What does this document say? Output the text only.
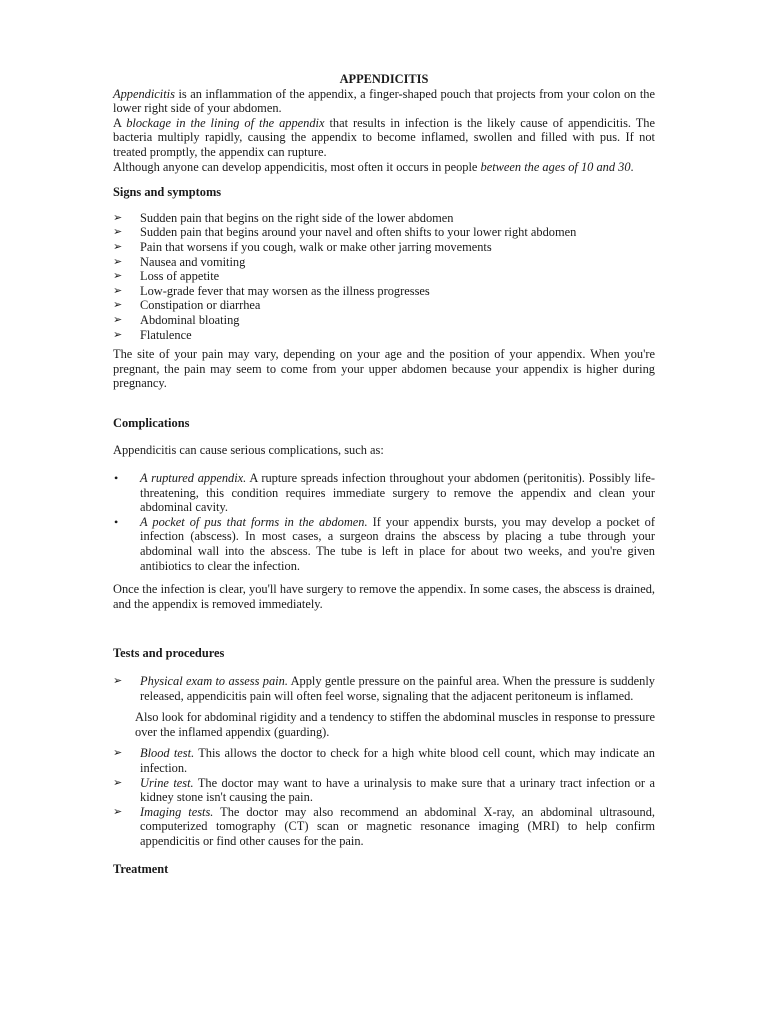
APPENDICITIS

Appendicitis is an inflammation of the appendix, a finger-shaped pouch that projects from your colon on the lower right side of your abdomen.

A blockage in the lining of the appendix that results in infection is the likely cause of appendicitis. The bacteria multiply rapidly, causing the appendix to become inflamed, swollen and filled with pus. If not treated promptly, the appendix can rupture.

Although anyone can develop appendicitis, most often it occurs in people between the ages of 10 and 30.

Signs and symptoms

➢	Sudden pain that begins on the right side of the lower abdomen
➢	Sudden pain that begins around your navel and often shifts to your lower right abdomen
➢	Pain that worsens if you cough, walk or make other jarring movements
➢	Nausea and vomiting
➢	Loss of appetite
➢	Low-grade fever that may worsen as the illness progresses
➢	Constipation or diarrhea
➢	Abdominal bloating
➢	Flatulence

The site of your pain may vary, depending on your age and the position of your appendix. When you're pregnant, the pain may seem to come from your upper abdomen because your appendix is higher during pregnancy.

Complications

Appendicitis can cause serious complications, such as:

•	A ruptured appendix. A rupture spreads infection throughout your abdomen (peritonitis). Possibly life-threatening, this condition requires immediate surgery to remove the appendix and clean your abdominal cavity.
•	A pocket of pus that forms in the abdomen. If your appendix bursts, you may develop a pocket of infection (abscess). In most cases, a surgeon drains the abscess by placing a tube through your abdominal wall into the abscess. The tube is left in place for about two weeks, and you're given antibiotics to clear the infection.

Once the infection is clear, you'll have surgery to remove the appendix. In some cases, the abscess is drained, and the appendix is removed immediately.

Tests and procedures

➢	Physical exam to assess pain. Apply gentle pressure on the painful area. When the pressure is suddenly released, appendicitis pain will often feel worse, signaling that the adjacent peritoneum is inflamed.

Also look for abdominal rigidity and a tendency to stiffen the abdominal muscles in response to pressure over the inflamed appendix (guarding).

➢	Blood test. This allows the doctor to check for a high white blood cell count, which may indicate an infection.
➢	Urine test. The doctor may want to have a urinalysis to make sure that a urinary tract infection or a kidney stone isn't causing the pain.
➢	Imaging tests. The doctor may also recommend an abdominal X-ray, an abdominal ultrasound, computerized tomography (CT) scan or magnetic resonance imaging (MRI) to help confirm appendicitis or find other causes for the pain.

Treatment
